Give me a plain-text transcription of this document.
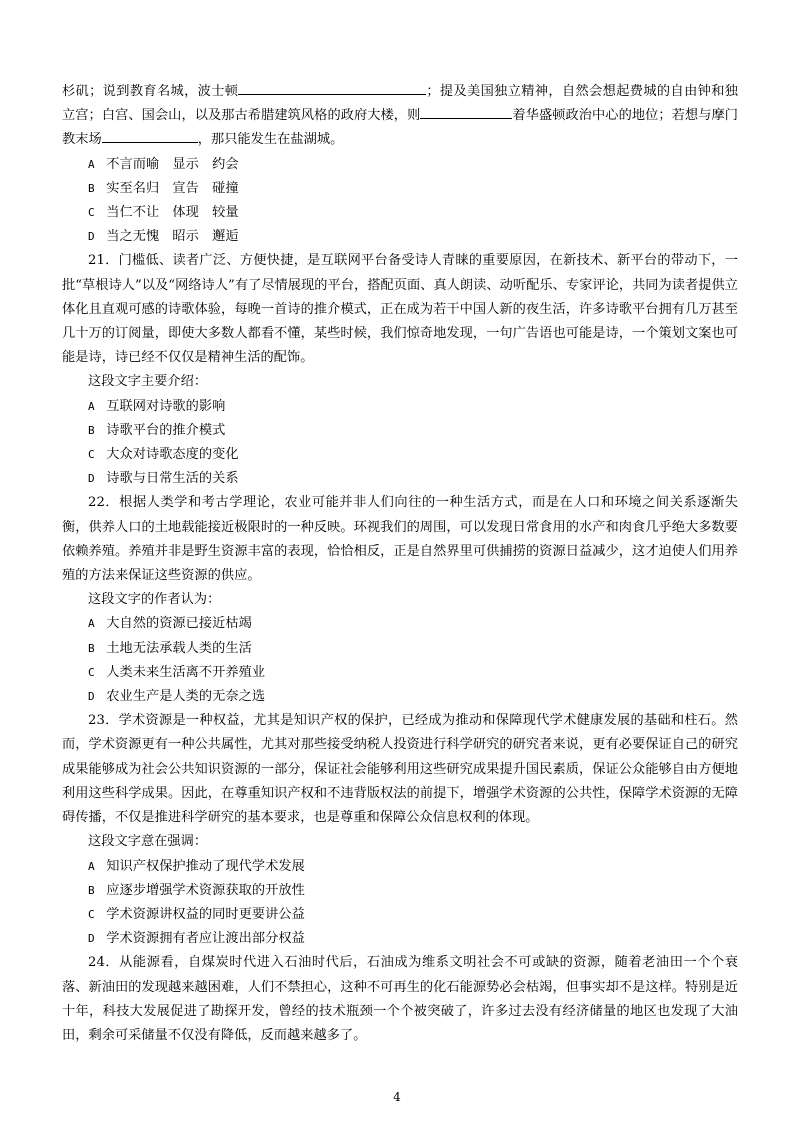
杉矶；说到教育名城，波士顿	；提及美国独立精神，自然会想起费城的自由钟和独立宫；白宫、国会山，以及那古希腊建筑风格的政府大楼，则	着华盛顿政治中心的地位；若想与摩门教末场	，那只能发生在盐湖城。

A 不言而喻　显示　约会

B 实至名归　宣告　碰撞

C 当仁不让　体现　较量

D 当之无愧　昭示　邂逅

21．门槛低、读者广泛、方便快捷，是互联网平台备受诗人青睐的重要原因，在新技术、新平台的带动下，一批“草根诗人”以及“网络诗人”有了尽情展现的平台，搭配页面、真人朗读、动听配乐、专家评论，共同为读者提供立体化且直观可感的诗歌体验，每晚一首诗的推介模式，正在成为若干中国人新的夜生活，许多诗歌平台拥有几万甚至几十万的订阅量，即使大多数人都看不懂，某些时候，我们惊奇地发现，一句广告语也可能是诗，一个策划文案也可能是诗，诗已经不仅仅是精神生活的配饰。

这段文字主要介绍：

A 互联网对诗歌的影响

B 诗歌平台的推介模式

C 大众对诗歌态度的变化

D 诗歌与日常生活的关系

22．根据人类学和考古学理论，农业可能并非人们向往的一种生活方式，而是在人口和环境之间关系逐渐失衡，供养人口的土地载能接近极限时的一种反映。环视我们的周围，可以发现日常食用的水产和肉食几乎绝大多数要依赖养殖。养殖并非是野生资源丰富的表现，恰恰相反，正是自然界里可供捕捞的资源日益减少，这才迫使人们用养殖的方法来保证这些资源的供应。

这段文字的作者认为：

A 大自然的资源已接近枯竭

B 土地无法承载人类的生活

C 人类未来生活离不开养殖业

D 农业生产是人类的无奈之选

23．学术资源是一种权益，尤其是知识产权的保护，已经成为推动和保障现代学术健康发展的基础和柱石。然而，学术资源更有一种公共属性，尤其对那些接受纳税人投资进行科学研究的研究者来说，更有必要保证自己的研究成果能够成为社会公共知识资源的一部分，保证社会能够利用这些研究成果提升国民素质，保证公众能够自由方便地利用这些科学成果。因此，在尊重知识产权和不违背版权法的前提下，增强学术资源的公共性，保障学术资源的无障碍传播，不仅是推进科学研究的基本要求，也是尊重和保障公众信息权利的体现。

这段文字意在强调：

A 知识产权保护推动了现代学术发展

B 应逐步增强学术资源获取的开放性

C 学术资源讲权益的同时更要讲公益

D 学术资源拥有者应让渡出部分权益

24．从能源看，自煤炭时代进入石油时代后，石油成为维系文明社会不可或缺的资源，随着老油田一个个衰落、新油田的发现越来越困难，人们不禁担心，这种不可再生的化石能源势必会枯竭，但事实却不是这样。特别是近十年，科技大发展促进了勘探开发，曾经的技术瓶颈一个个被突破了，许多过去没有经济储量的地区也发现了大油田，剩余可采储量不仅没有降低，反而越来越多了。

4
